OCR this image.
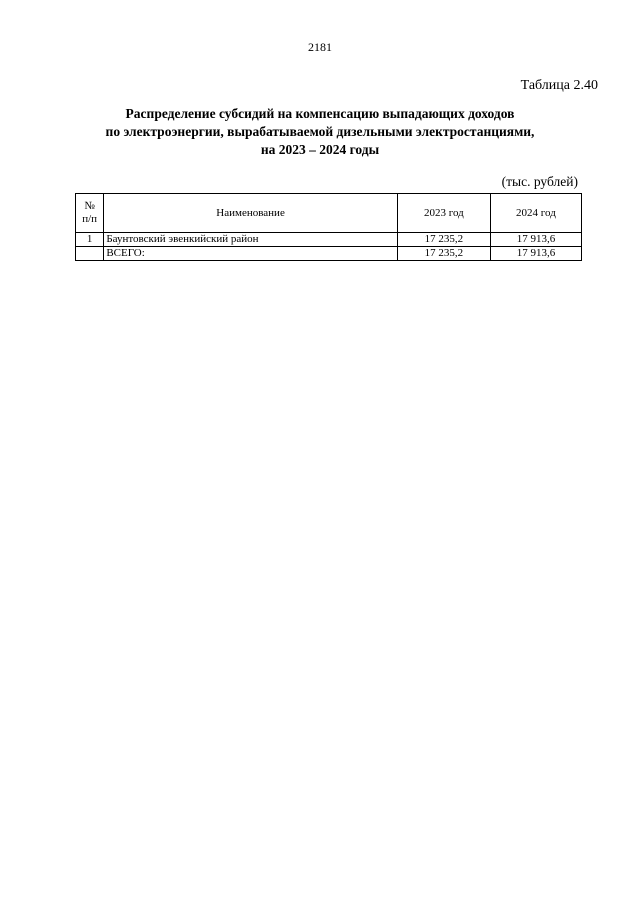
2181
Таблица 2.40
Распределение субсидий на компенсацию выпадающих доходов
по электроэнергии, вырабатываемой дизельными электростанциями,
на 2023 – 2024 годы
(тыс. рублей)
№
п/п	Наименование	2023 год	2024 год
1	Баунтовский эвенкийский район	17 235,2	17 913,6
	ВСЕГО:	17 235,2	17 913,6
